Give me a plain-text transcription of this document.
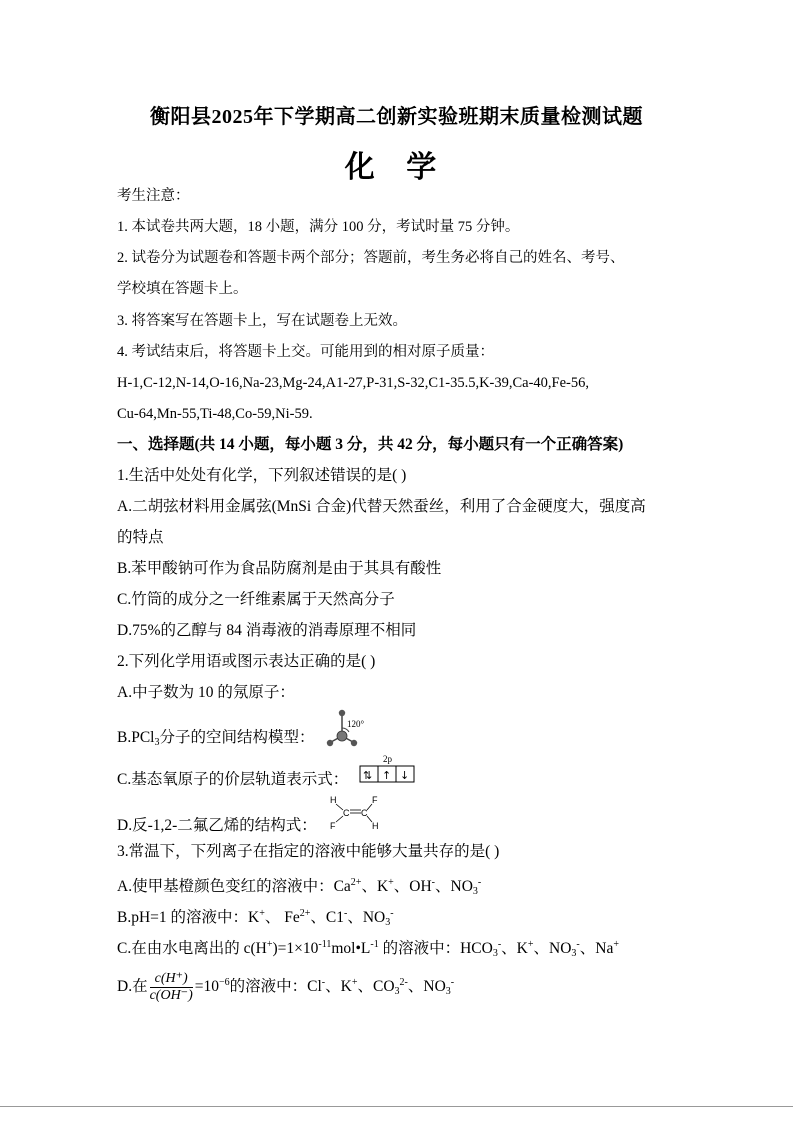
衡阳县2025年下学期高二创新实验班期末质量检测试题
化 学
考生注意：
1. 本试卷共两大题，18 小题，满分 100 分，考试时量 75 分钟。
2. 试卷分为试题卷和答题卡两个部分；答题前，考生务必将自己的姓名、考号、
学校填在答题卡上。
3. 将答案写在答题卡上，写在试题卷上无效。
4. 考试结束后，将答题卡上交。可能用到的相对原子质量：
H-1,C-12,N-14,O-16,Na-23,Mg-24,A1-27,P-31,S-32,C1-35.5,K-39,Ca-40,Fe-56,
Cu-64,Mn-55,Ti-48,Co-59,Ni-59.
一、选择题(共 14 小题，每小题 3 分，共 42 分，每小题只有一个正确答案)
1.生活中处处有化学，下列叙述错误的是( )
A.二胡弦材料用金属弦(MnSi 合金)代替天然蚕丝，利用了合金硬度大，强度高
的特点
B.苯甲酸钠可作为食品防腐剂是由于其具有酸性
C.竹筒的成分之一纤维素属于天然高分子
D.75%的乙醇与 84 消毒液的消毒原理不相同
2.下列化学用语或图示表达正确的是( )
A.中子数为 10 的氖原子：
B.PCl$_3$分子的空间结构模型：
120°
C.基态氧原子的价层轨道表示式：
2p
⇅ ↑ ↓
D.反-1,2-二氟乙烯的结构式：
H	F
C C
F	H
3.常温下，下列离子在指定的溶液中能够大量共存的是( )
A.使甲基橙颜色变红的溶液中：$Ca^{2+}$、K+、OH-、$NO_3^-$
B.pH=1 的溶液中：K+、 $Fe^{2+}$、C1-、$NO_3^-$
C.在由水电离出的 $c(H^+)=1\times 10^{-11}mol•L^{-1}$ 的溶液中：$HCO_3^-$、K+、$NO_3^-$、Na+
D.在 $\frac{c(H^+)}{c(OH^-)} =10^{-6}$的溶液中：Cl-、K+、$CO_3^{2-}$、$NO_3^-$
